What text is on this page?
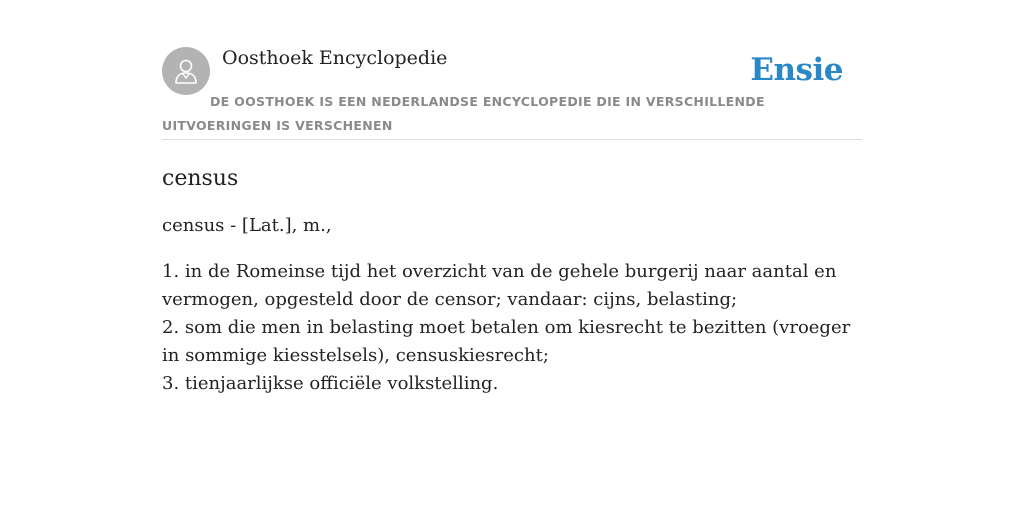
Oosthoek Encyclopedie	Ensie
DE OOSTHOEK IS EEN NEDERLANDSE ENCYCLOPEDIE DIE IN VERSCHILLENDE UITVOERINGEN IS VERSCHENEN
census

census - [Lat.], m.,

1. in de Romeinse tijd het overzicht van de gehele burgerij naar aantal en vermogen, opgesteld door de censor; vandaar: cijns, belasting;
2. som die men in belasting moet betalen om kiesrecht te bezitten (vroeger in sommige kiesstelsels), censuskiesrecht;
3. tienjaarlijkse officiële volkstelling.
